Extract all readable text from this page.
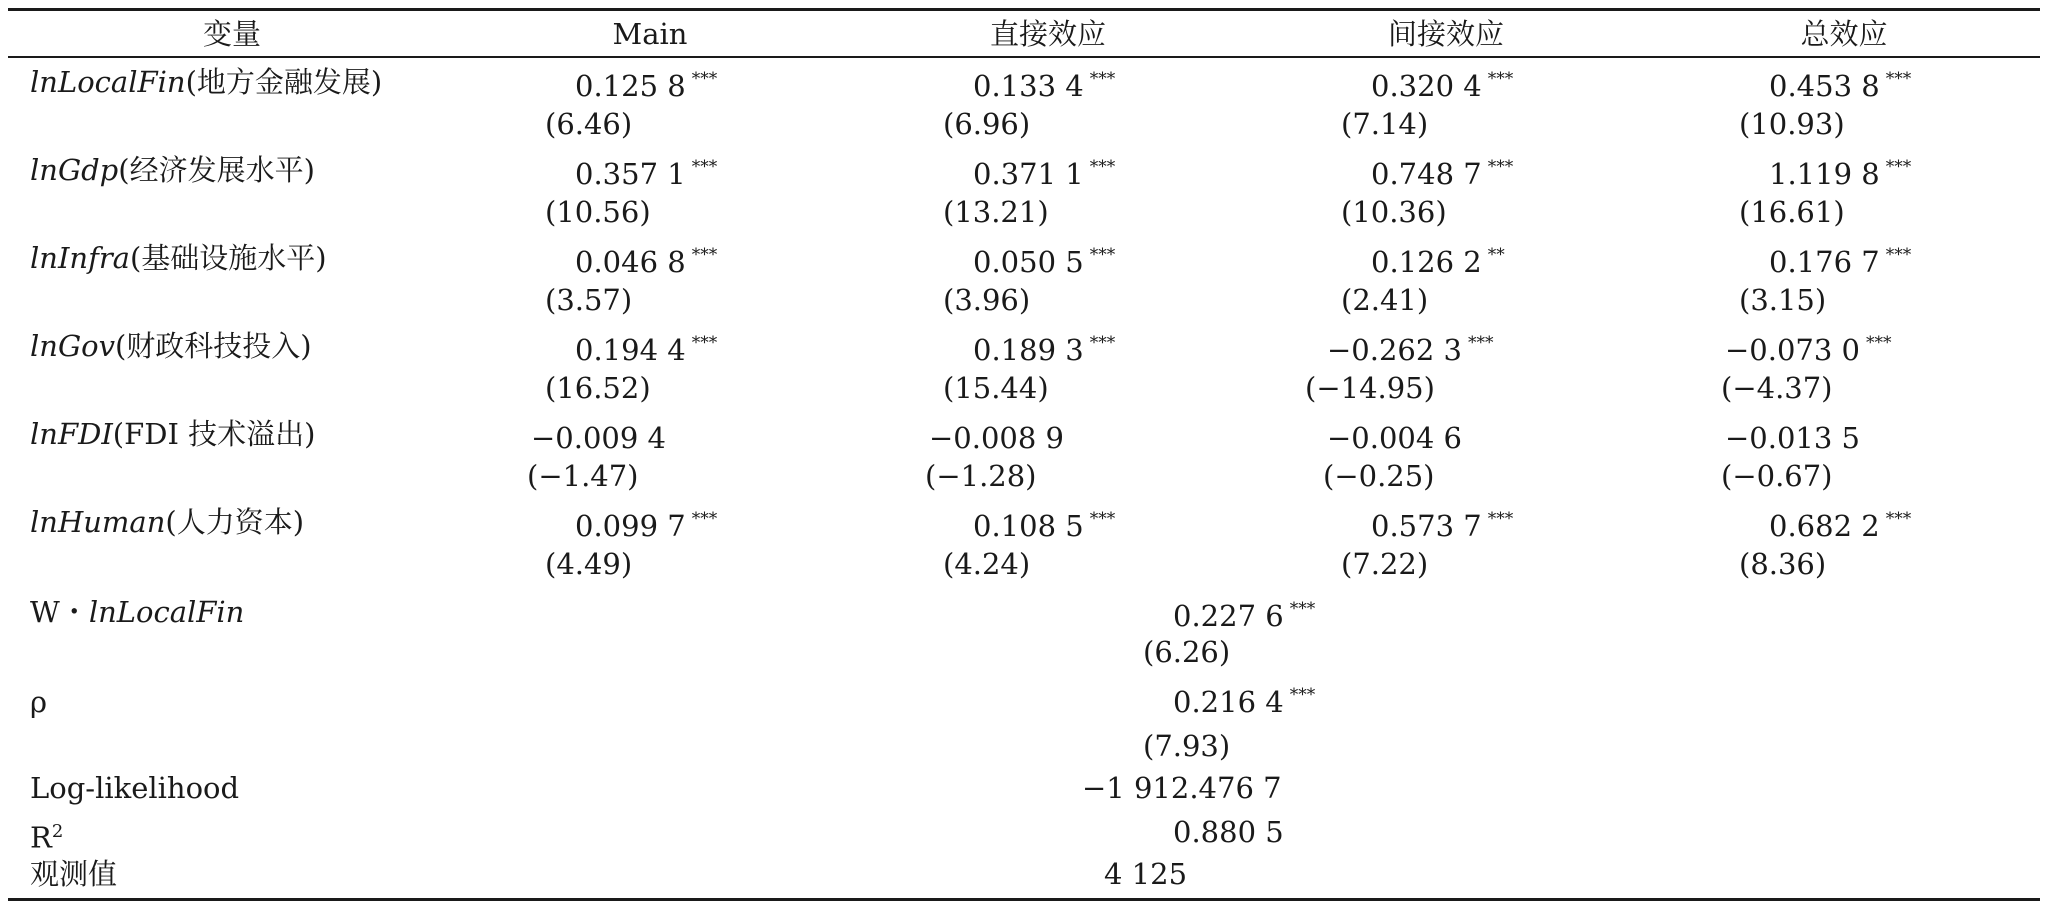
变量	Main	直接效应	间接效应	总效应
lnLocalFin(地方金融发展)	0.125 8 ***	0.133 4 ***	0.320 4 ***	0.453 8 ***
(6.46)	(6.96)	(7.14)	(10.93)
lnGdp(经济发展水平)	0.357 1 ***	0.371 1 ***	0.748 7 ***	1.119 8 ***
(10.56)	(13.21)	(10.36)	(16.61)
lnInfra(基础设施水平)	0.046 8 ***	0.050 5 ***	0.126 2 **	0.176 7 ***
(3.57)	(3.96)	(2.41)	(3.15)
lnGov(财政科技投入)	0.194 4 ***	0.189 3 ***	−0.262 3 ***	−0.073 0 ***
(16.52)	(15.44)	(−14.95)	(−4.37)
lnFDI(FDI 技术溢出)	−0.009 4	−0.008 9	−0.004 6	−0.013 5
(−1.47)	(−1.28)	(−0.25)	(−0.67)
lnHuman(人力资本)	0.099 7 ***	0.108 5 ***	0.573 7 ***	0.682 2 ***
(4.49)	(4.24)	(7.22)	(8.36)
W・lnLocalFin	0.227 6 ***
(6.26)
ρ	0.216 4 ***
(7.93)
Log-likelihood	−1 912.476 7
$R^2$	0.880 5
观测值	4 125
